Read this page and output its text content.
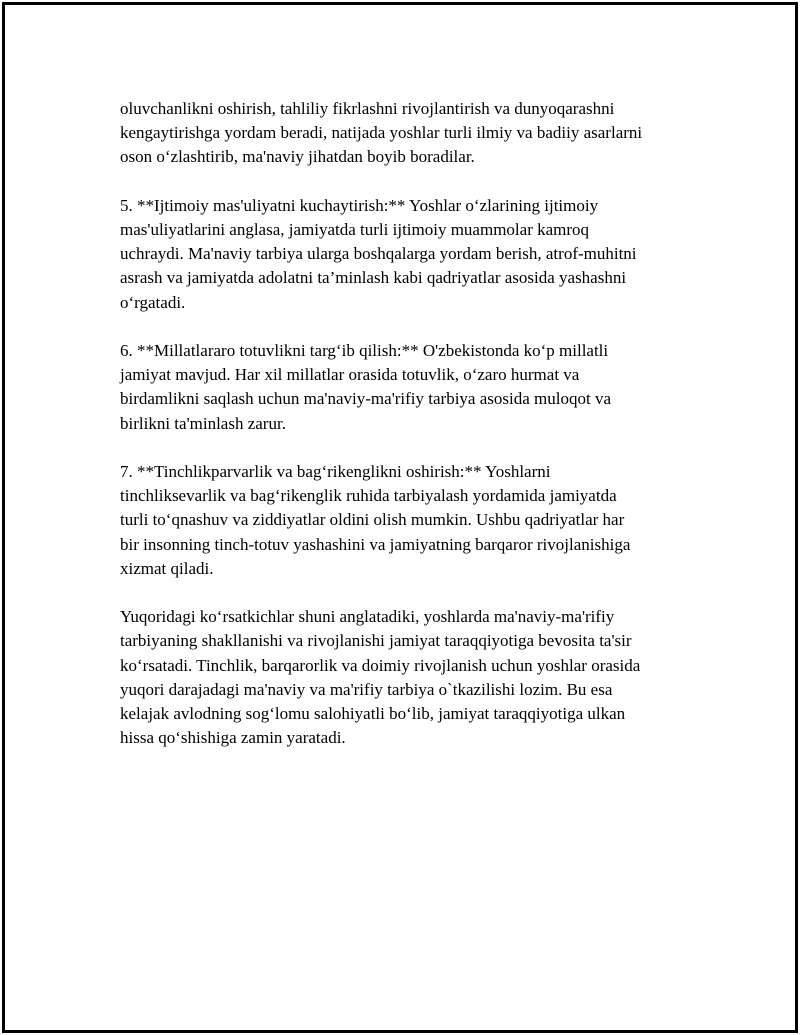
oluvchanlikni oshirish, tahliliy fikrlashni rivojlantirish va dunyoqarashni
kengaytirishga yordam beradi, natijada yoshlar turli ilmiy va badiiy asarlarni
oson o‘zlashtirib, ma'naviy jihatdan boyib boradilar.

5. **Ijtimoiy mas'uliyatni kuchaytirish:** Yoshlar o‘zlarining ijtimoiy
mas'uliyatlarini anglasa, jamiyatda turli ijtimoiy muammolar kamroq
uchraydi. Ma'naviy tarbiya ularga boshqalarga yordam berish, atrof-muhitni
asrash va jamiyatda adolatni ta’minlash kabi qadriyatlar asosida yashashni
o‘rgatadi.

6. **Millatlararo totuvlikni targ‘ib qilish:** O'zbekistonda ko‘p millatli
jamiyat mavjud. Har xil millatlar orasida totuvlik, o‘zaro hurmat va
birdamlikni saqlash uchun ma'naviy-ma'rifiy tarbiya asosida muloqot va
birlikni ta'minlash zarur.

7. **Tinchlikparvarlik va bag‘rikenglikni oshirish:** Yoshlarni
tinchliksevarlik va bag‘rikenglik ruhida tarbiyalash yordamida jamiyatda
turli to‘qnashuv va ziddiyatlar oldini olish mumkin. Ushbu qadriyatlar har
bir insonning tinch-totuv yashashini va jamiyatning barqaror rivojlanishiga
xizmat qiladi.

Yuqoridagi ko‘rsatkichlar shuni anglatadiki, yoshlarda ma'naviy-ma'rifiy
tarbiyaning shakllanishi va rivojlanishi jamiyat taraqqiyotiga bevosita ta'sir
ko‘rsatadi. Tinchlik, barqarorlik va doimiy rivojlanish uchun yoshlar orasida
yuqori darajadagi ma'naviy va ma'rifiy tarbiya o`tkazilishi lozim. Bu esa
kelajak avlodning sog‘lomu salohiyatli bo‘lib, jamiyat taraqqiyotiga ulkan
hissa qo‘shishiga zamin yaratadi.
